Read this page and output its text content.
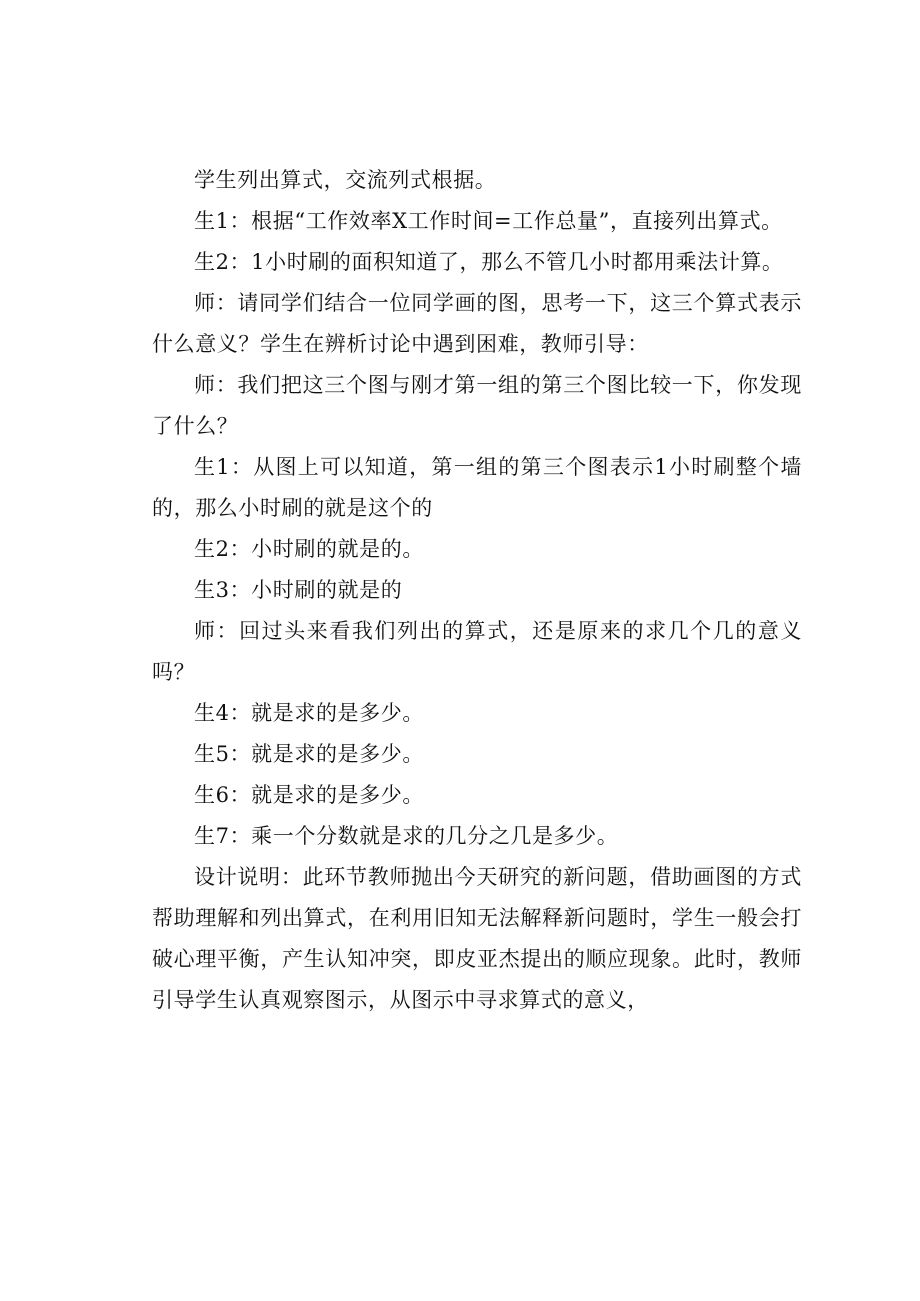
学生列出算式，交流列式根据。

生1：根据“工作效率X工作时间=工作总量”，直接列出算式。

生2：1小时刷的面积知道了，那么不管几小时都用乘法计算。

师：请同学们结合一位同学画的图，思考一下，这三个算式表示什么意义？学生在辨析讨论中遇到困难，教师引导：

师：我们把这三个图与刚才第一组的第三个图比较一下，你发现了什么？

生1：从图上可以知道，第一组的第三个图表示1小时刷整个墙的，那么小时刷的就是这个的

生2：小时刷的就是的。

生3：小时刷的就是的

师：回过头来看我们列出的算式，还是原来的求几个几的意义吗？

生4：就是求的是多少。

生5：就是求的是多少。

生6：就是求的是多少。

生7：乘一个分数就是求的几分之几是多少。

设计说明：此环节教师抛出今天研究的新问题，借助画图的方式帮助理解和列出算式，在利用旧知无法解释新问题时，学生一般会打破心理平衡，产生认知冲突，即皮亚杰提出的顺应现象。此时，教师引导学生认真观察图示，从图示中寻求算式的意义，
